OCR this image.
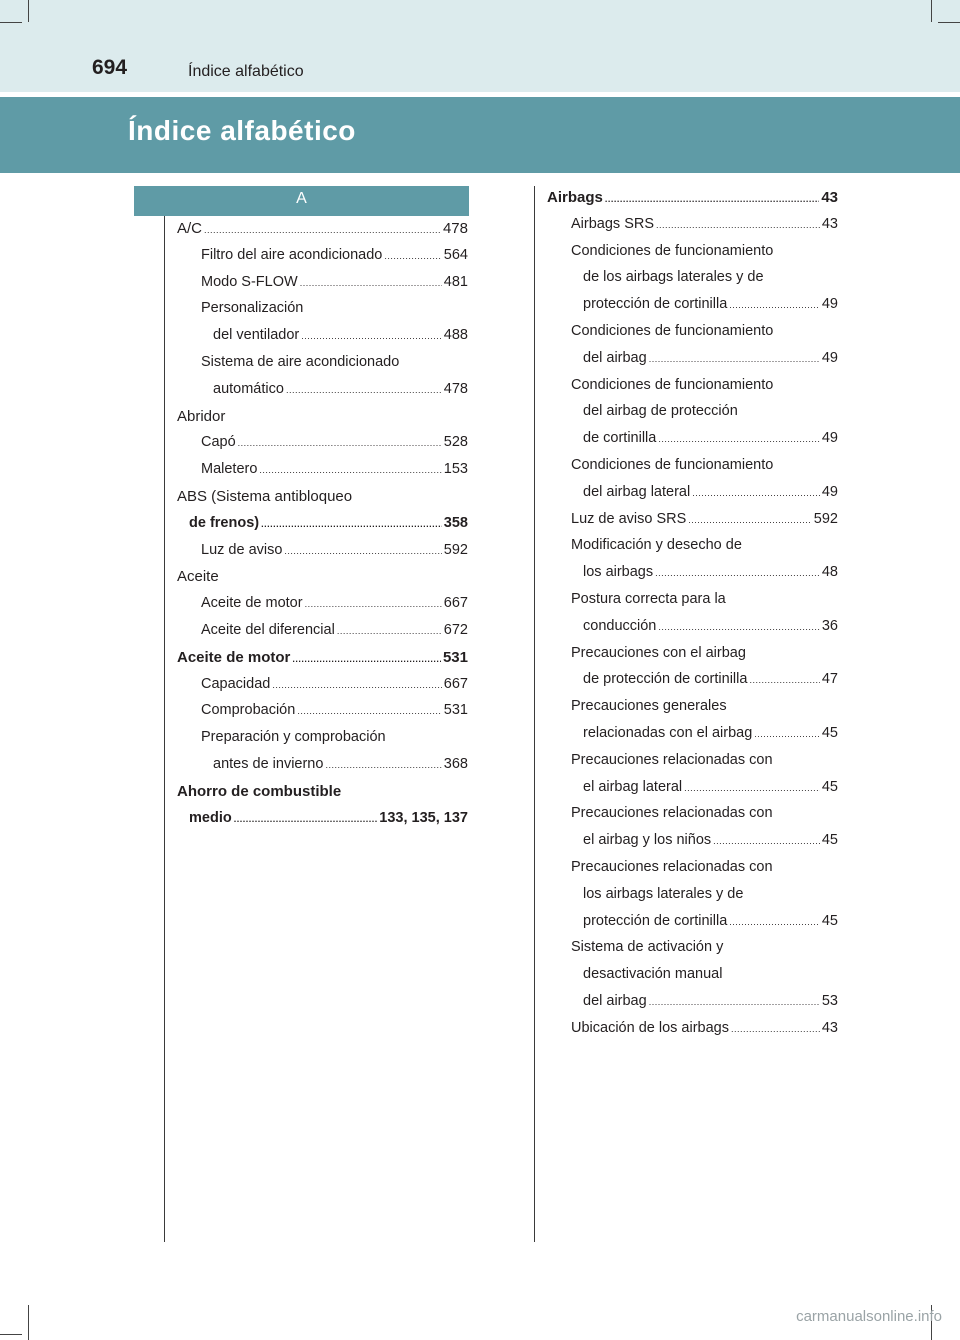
694	Índice alfabético
Índice alfabético
A
A/C .....	478
Filtro del aire acondicionado .....	564
Modo S-FLOW .....	481
Personalización
del ventilador .....	488
Sistema de aire acondicionado
automático .....	478
Abridor
Capó .....	528
Maletero .....	153
ABS (Sistema antibloqueo
de frenos) .....	358
Luz de aviso .....	592
Aceite
Aceite de motor .....	667
Aceite del diferencial .....	672
Aceite de motor .....	531
Capacidad .....	667
Comprobación .....	531
Preparación y comprobación
antes de invierno .....	368
Ahorro de combustible
medio .....	133, 135, 137
Airbags .....	43
Airbags SRS .....	43
Condiciones de funcionamiento
de los airbags laterales y de
protección de cortinilla .....	49
Condiciones de funcionamiento
del airbag .....	49
Condiciones de funcionamiento
del airbag de protección
de cortinilla .....	49
Condiciones de funcionamiento
del airbag lateral .....	49
Luz de aviso SRS .....	592
Modificación y desecho de
los airbags .....	48
Postura correcta para la
conducción .....	36
Precauciones con el airbag
de protección de cortinilla .....	47
Precauciones generales
relacionadas con el airbag .....	45
Precauciones relacionadas con
el airbag lateral .....	45
Precauciones relacionadas con
el airbag y los niños .....	45
Precauciones relacionadas con
los airbags laterales y de
protección de cortinilla .....	45
Sistema de activación y
desactivación manual
del airbag .....	53
Ubicación de los airbags .....	43
carmanualsonline.info
